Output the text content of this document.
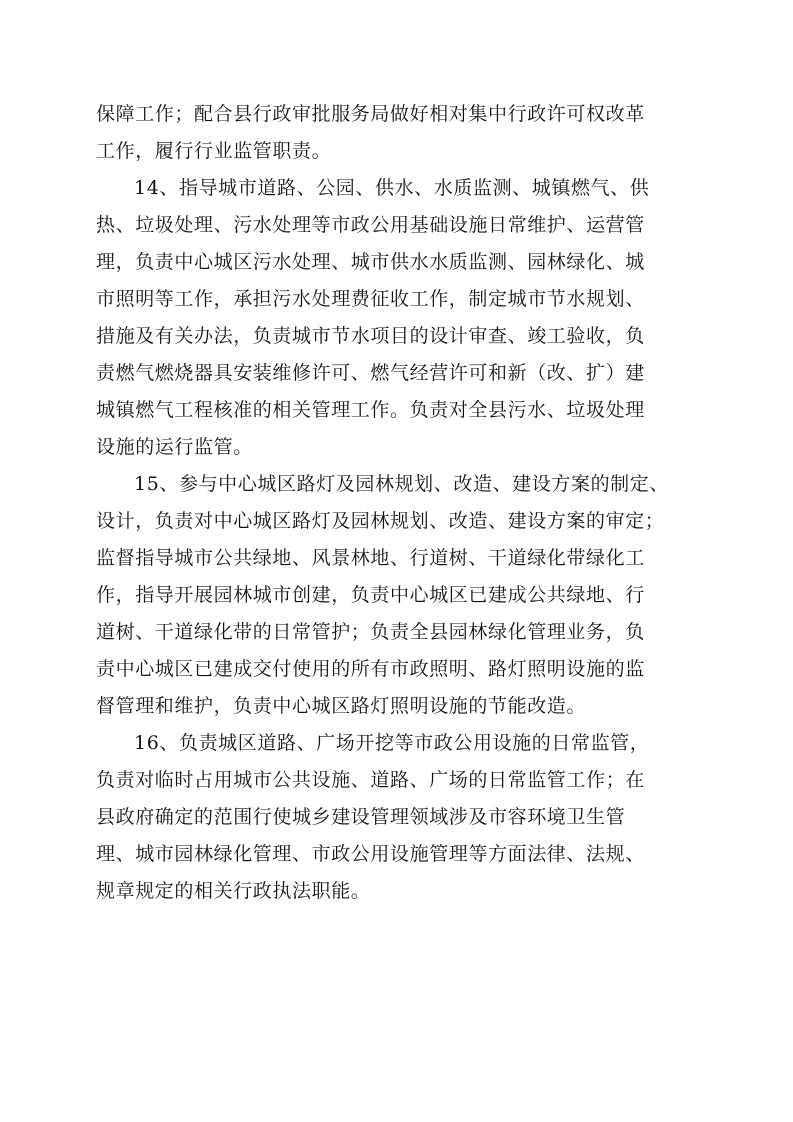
保障工作；配合县行政审批服务局做好相对集中行政许可权改革
工作，履行行业监管职责。
14、指导城市道路、公园、供水、水质监测、城镇燃气、供
热、垃圾处理、污水处理等市政公用基础设施日常维护、运营管
理，负责中心城区污水处理、城市供水水质监测、园林绿化、城
市照明等工作，承担污水处理费征收工作，制定城市节水规划、
措施及有关办法，负责城市节水项目的设计审查、竣工验收，负
责燃气燃烧器具安装维修许可、燃气经营许可和新（改、扩）建
城镇燃气工程核准的相关管理工作。负责对全县污水、垃圾处理
设施的运行监管。
15、参与中心城区路灯及园林规划、改造、建设方案的制定、
设计，负责对中心城区路灯及园林规划、改造、建设方案的审定；
监督指导城市公共绿地、风景林地、行道树、干道绿化带绿化工
作，指导开展园林城市创建，负责中心城区已建成公共绿地、行
道树、干道绿化带的日常管护；负责全县园林绿化管理业务，负
责中心城区已建成交付使用的所有市政照明、路灯照明设施的监
督管理和维护，负责中心城区路灯照明设施的节能改造。
16、负责城区道路、广场开挖等市政公用设施的日常监管，
负责对临时占用城市公共设施、道路、广场的日常监管工作；在
县政府确定的范围行使城乡建设管理领域涉及市容环境卫生管
理、城市园林绿化管理、市政公用设施管理等方面法律、法规、
规章规定的相关行政执法职能。
